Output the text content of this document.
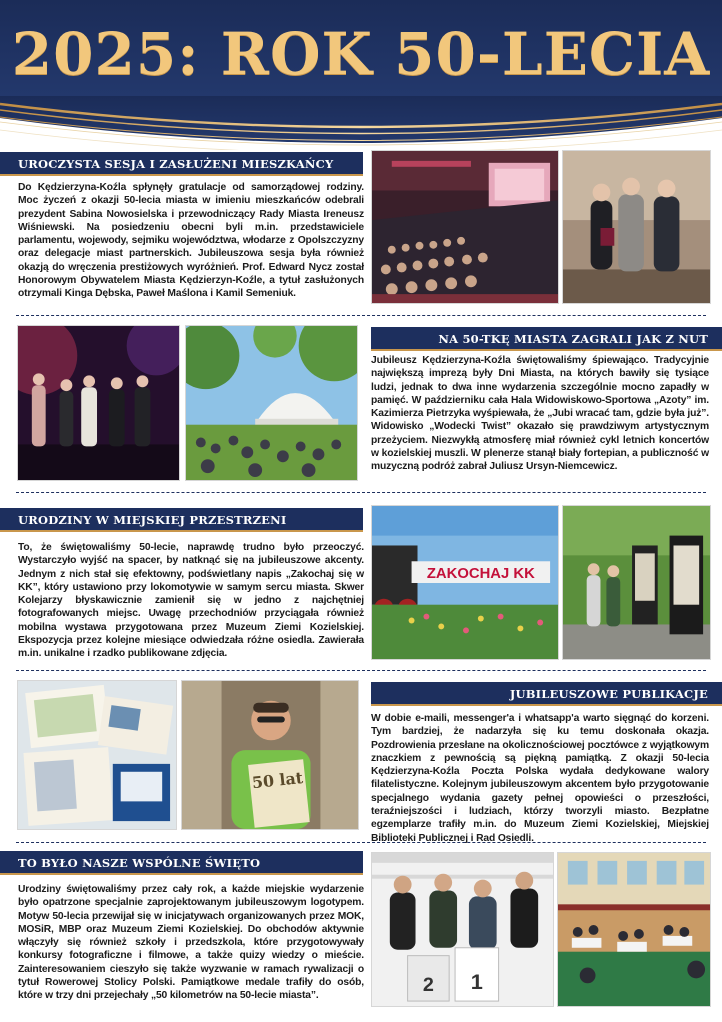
2025: ROK 50-LECIA
UROCZYSTA SESJA I ZASŁUŻENI MIESZKAŃCY
Do Kędzierzyna-Koźla spłynęły gratulacje od samorządowej rodziny. Moc życzeń z okazji 50-lecia miasta w imieniu mieszkańców odebrali prezydent Sabina Nowosielska i przewodniczący Rady Miasta Ireneusz Wiśniewski. Na posiedzeniu obecni byli m.in. przedstawiciele parlamentu, wojewody, sejmiku województwa, włodarze z Opolszczyzny oraz delegacje miast partnerskich. Jubileuszowa sesja była również okazją do wręczenia prestiżowych wyróżnień. Prof. Edward Nycz został Honorowym Obywatelem Miasta Kędzierzyn-Koźle, a tytuł zasłużonych otrzymali Kinga Dębska, Paweł Maślona i Kamil Semeniuk.
NA 50-TKĘ MIASTA ZAGRALI JAK Z NUT
Jubileusz Kędzierzyna-Koźla świętowaliśmy śpiewająco. Tradycyjnie największą imprezą były Dni Miasta, na których bawiły się tysiące ludzi, jednak to dwa inne wydarzenia szczególnie mocno zapadły w pamięć. W październiku cała Hala Widowiskowo-Sportowa „Azoty” im. Kazimierza Pietrzyka wyśpiewała, że „Jubi wracać tam, gdzie była już”. Widowisko „Wodecki Twist” okazało się prawdziwym artystycznym przeżyciem. Niezwykłą atmosferę miał również cykl letnich koncertów w kozielskiej muszli. W plenerze stanął biały fortepian, a publiczność w muzyczną podróż zabrał Juliusz Ursyn-Niemcewicz.
URODZINY W MIEJSKIEJ PRZESTRZENI
To, że świętowaliśmy 50-lecie, naprawdę trudno było przeoczyć. Wystarczyło wyjść na spacer, by natknąć się na jubileuszowe akcenty. Jednym z nich stał się efektowny, podświetlany napis „Zakochaj się w KK”, który ustawiono przy lokomotywie w samym sercu miasta. Skwer Kolejarzy błyskawicznie zamienił się w jedno z najchętniej fotografowanych miejsc. Uwagę przechodniów przyciągała również mobilna wystawa przygotowana przez Muzeum Ziemi Kozielskiej. Ekspozycja przez kolejne miesiące odwiedzała różne osiedla. Zawierała m.in. unikalne i rzadko publikowane zdjęcia.
ZAKOCHAJ KK
50 lat
JUBILEUSZOWE PUBLIKACJE
W dobie e-maili, messenger'a i whatsapp'a warto sięgnąć do korzeni. Tym bardziej, że nadarzyła się ku temu doskonała okazja. Pozdrowienia przesłane na okolicznościowej pocztówce z wyjątkowym znaczkiem z pewnością są piękną pamiątką. Z okazji 50-lecia Kędzierzyna-Koźla Poczta Polska wydała dedykowane walory filatelistyczne. Kolejnym jubileuszowym akcentem było przygotowanie specjalnego wydania gazety pełnej opowieści o przeszłości, teraźniejszości i ludziach, którzy tworzyli miasto. Bezpłatne egzemplarze trafiły m.in. do Muzeum Ziemi Kozielskiej, Miejskiej Biblioteki Publicznej i Rad Osiedli.
TO BYŁO NASZE WSPÓLNE ŚWIĘTO
Urodziny świętowaliśmy przez cały rok, a każde miejskie wydarzenie było opatrzone specjalnie zaprojektowanym jubileuszowym logotypem. Motyw 50-lecia przewijał się w inicjatywach organizowanych przez MOK, MOSiR, MBP oraz Muzeum Ziemi Kozielskiej. Do obchodów aktywnie włączyły się również szkoły i przedszkola, które przygotowywały konkursy fotograficzne i filmowe, a także quizy wiedzy o mieście. Zainteresowaniem cieszyło się także wyzwanie w ramach rywalizacji o tytuł Rowerowej Stolicy Polski. Pamiątkowe medale trafiły do osób, które w trzy dni przejechały „50 kilometrów na 50-lecie miasta”.	2 1
